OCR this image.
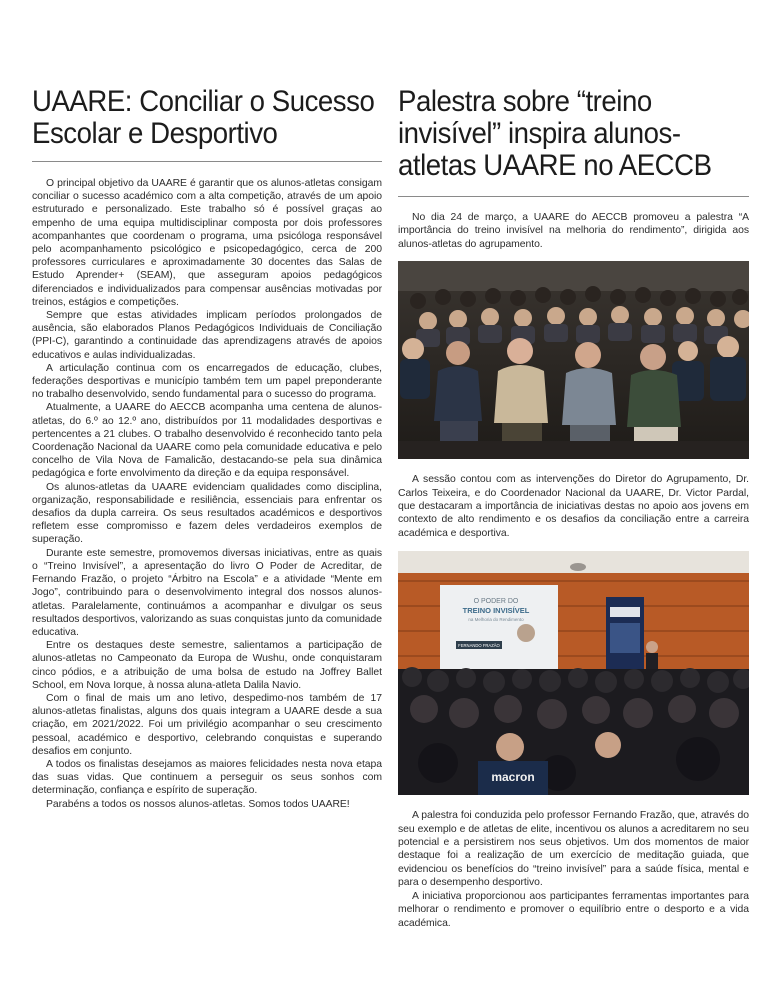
UAARE: Conciliar o Sucesso Escolar e Desportivo

O principal objetivo da UAARE é garantir que os alunos-atletas consigam conciliar o sucesso académico com a alta competição, através de um apoio estruturado e personalizado. Este trabalho só é possível graças ao empenho de uma equipa multidisciplinar composta por dois professores acompanhantes que coordenam o programa, uma psicóloga responsável pelo acompanhamento psicológico e psicopedagógico, cerca de 200 professores curriculares e aproximadamente 30 docentes das Salas de Estudo Aprender+ (SEAM), que asseguram apoios pedagógicos diferenciados e individualizados para compensar ausências motivadas por treinos, estágios e competições.

Sempre que estas atividades implicam períodos prolongados de ausência, são elaborados Planos Pedagógicos Individuais de Conciliação (PPI-C), garantindo a continuidade das aprendizagens através de apoios educativos e aulas individualizadas.

A articulação continua com os encarregados de educação, clubes, federações desportivas e município também tem um papel preponderante no trabalho desenvolvido, sendo fundamental para o sucesso do programa.

Atualmente, a UAARE do AECCB acompanha uma centena de alunos-atletas, do 6.º ao 12.º ano, distribuídos por 11 modalidades desportivas e pertencentes a 21 clubes. O trabalho desenvolvido é reconhecido tanto pela Coordenação Nacional da UAARE como pela comunidade educativa e pelo concelho de Vila Nova de Famalicão, destacando-se pela sua dinâmica pedagógica e forte envolvimento da direção e da equipa responsável.

Os alunos-atletas da UAARE evidenciam qualidades como disciplina, organização, responsabilidade e resiliência, essenciais para enfrentar os desafios da dupla carreira. Os seus resultados académicos e desportivos refletem esse compromisso e fazem deles verdadeiros exemplos de superação.

Durante este semestre, promovemos diversas iniciativas, entre as quais o “Treino Invisível”, a apresentação do livro O Poder de Acreditar, de Fernando Frazão, o projeto “Árbitro na Escola” e a atividade “Mente em Jogo”, contribuindo para o desenvolvimento integral dos nossos alunos-atletas. Paralelamente, continuámos a acompanhar e divulgar os seus resultados desportivos, valorizando as suas conquistas junto da comunidade educativa.

Entre os destaques deste semestre, salientamos a participação de alunos-atletas no Campeonato da Europa de Wushu, onde conquistaram cinco pódios, e a atribuição de uma bolsa de estudo na Joffrey Ballet School, em Nova Iorque, à nossa aluna-atleta Dalila Navio.

Com o final de mais um ano letivo, despedimo-nos também de 17 alunos-atletas finalistas, alguns dos quais integram a UAARE desde a sua criação, em 2021/2022. Foi um privilégio acompanhar o seu crescimento pessoal, académico e desportivo, celebrando conquistas e superando desafios em conjunto.

A todos os finalistas desejamos as maiores felicidades nesta nova etapa das suas vidas. Que continuem a perseguir os seus sonhos com determinação, confiança e espírito de superação.

Parabéns a todos os nossos alunos-atletas. Somos todos UAARE!

Palestra sobre “treino invisível” inspira alunos-atletas UAARE no AECCB

No dia 24 de março, a UAARE do AECCB promoveu a palestra “A importância do treino invisível na melhoria do rendimento”, dirigida aos alunos-atletas do agrupamento.

A sessão contou com as intervenções do Diretor do Agrupamento, Dr. Carlos Teixeira, e do Coordenador Nacional da UAARE, Dr. Victor Pardal, que destacaram a importância de iniciativas destas no apoio aos jovens em contexto de alto rendimento e os desafios da conciliação entre a carreira académica e desportiva.

O PODER DO
TREINO INVISÍVEL
na Melhoria do Rendimento
FERNANDO FRAZÃO
macron

A palestra foi conduzida pelo professor Fernando Frazão, que, através do seu exemplo e de atletas de elite, incentivou os alunos a acreditarem no seu potencial e a persistirem nos seus objetivos. Um dos momentos de maior destaque foi a realização de um exercício de meditação guiada, que evidenciou os benefícios do “treino invisível” para a saúde física, mental e para o desempenho desportivo.

A iniciativa proporcionou aos participantes ferramentas importantes para melhorar o rendimento e promover o equilíbrio entre o desporto e a vida académica.
